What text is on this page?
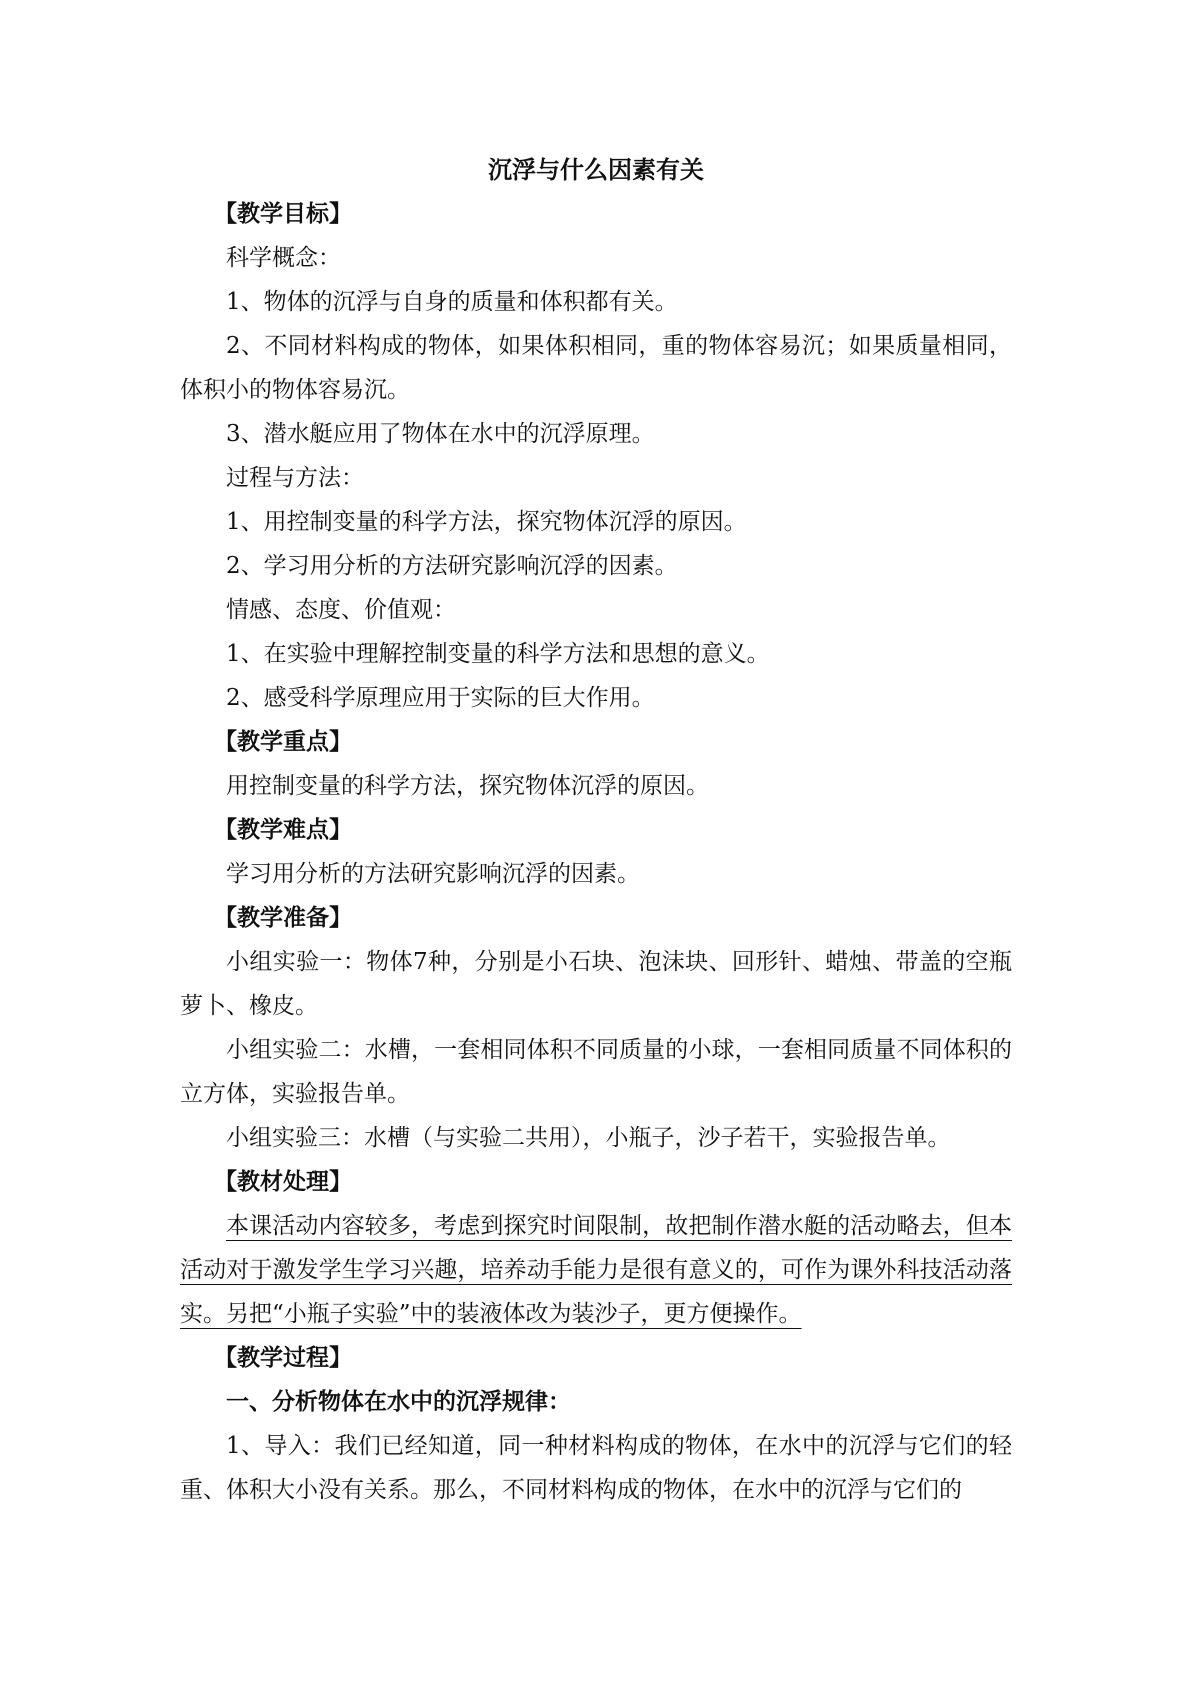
沉浮与什么因素有关

【教学目标】

科学概念：

1、物体的沉浮与自身的质量和体积都有关。

2、不同材料构成的物体，如果体积相同，重的物体容易沉；如果质量相同，体积小的物体容易沉。

3、潜水艇应用了物体在水中的沉浮原理。

过程与方法：

1、用控制变量的科学方法，探究物体沉浮的原因。

2、学习用分析的方法研究影响沉浮的因素。

情感、态度、价值观：

1、在实验中理解控制变量的科学方法和思想的意义。

2、感受科学原理应用于实际的巨大作用。

【教学重点】

用控制变量的科学方法，探究物体沉浮的原因。

【教学难点】

学习用分析的方法研究影响沉浮的因素。

【教学准备】

小组实验一：物体7种，分别是小石块、泡沫块、回形针、蜡烛、带盖的空瓶萝卜、橡皮。

小组实验二：水槽，一套相同体积不同质量的小球，一套相同质量不同体积的立方体，实验报告单。

小组实验三：水槽（与实验二共用），小瓶子，沙子若干，实验报告单。

【教材处理】

本课活动内容较多，考虑到探究时间限制，故把制作潜水艇的活动略去，但本活动对于激发学生学习兴趣，培养动手能力是很有意义的，可作为课外科技活动落实。另把“小瓶子实验”中的装液体改为装沙子，更方便操作。

【教学过程】

一、分析物体在水中的沉浮规律：

1、导入：我们已经知道，同一种材料构成的物体，在水中的沉浮与它们的轻重、体积大小没有关系。那么，不同材料构成的物体，在水中的沉浮与它们的
